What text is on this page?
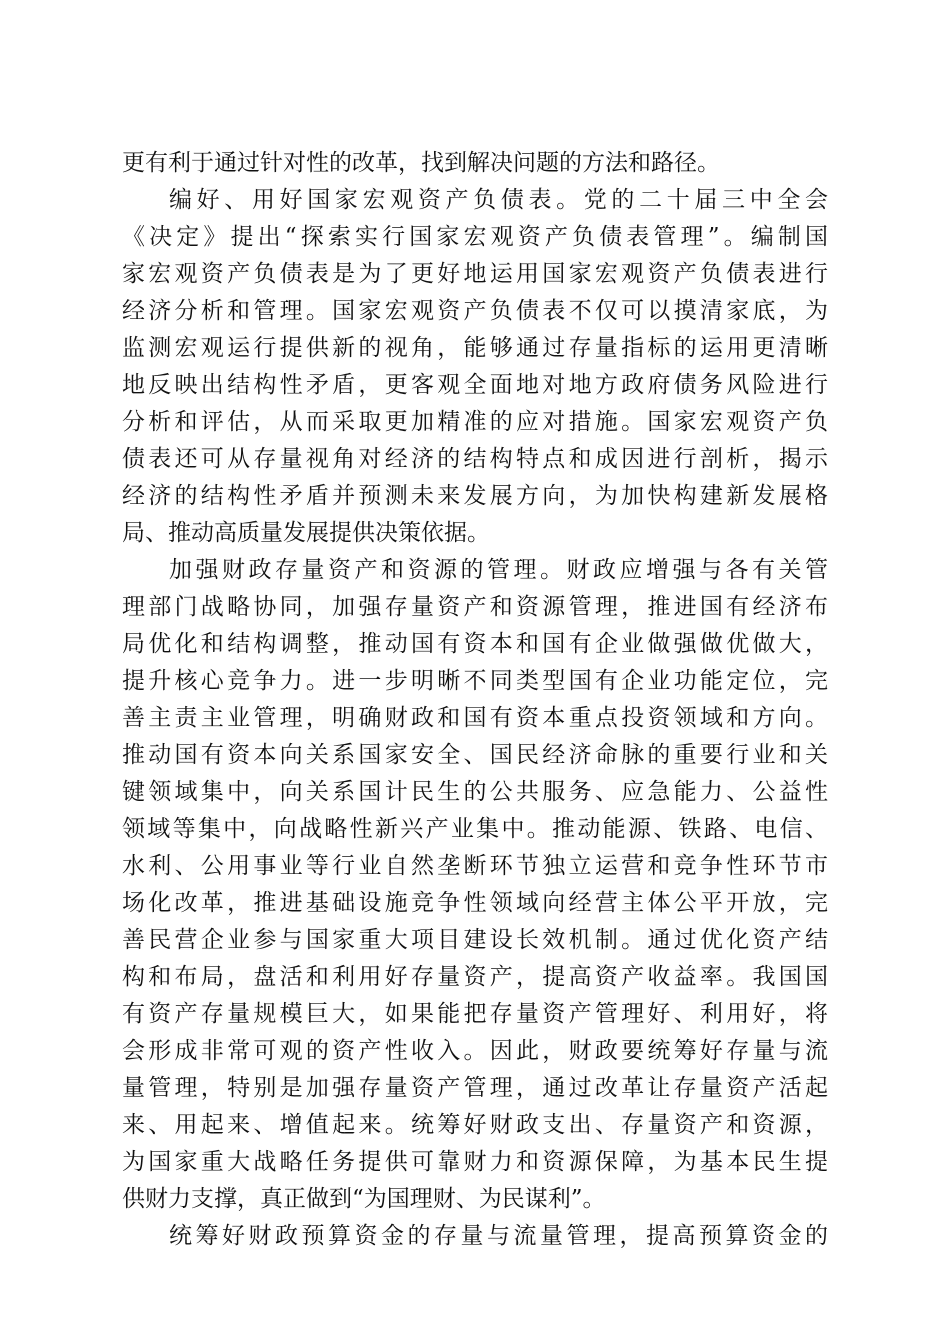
更有利于通过针对性的改革，找到解决问题的方法和路径。
编好、用好国家宏观资产负债表。党的二十届三中全会
《决定》提出“探索实行国家宏观资产负债表管理”。编制国
家宏观资产负债表是为了更好地运用国家宏观资产负债表进行
经济分析和管理。国家宏观资产负债表不仅可以摸清家底，为
监测宏观运行提供新的视角，能够通过存量指标的运用更清晰
地反映出结构性矛盾，更客观全面地对地方政府债务风险进行
分析和评估，从而采取更加精准的应对措施。国家宏观资产负
债表还可从存量视角对经济的结构特点和成因进行剖析，揭示
经济的结构性矛盾并预测未来发展方向，为加快构建新发展格
局、推动高质量发展提供决策依据。
加强财政存量资产和资源的管理。财政应增强与各有关管
理部门战略协同，加强存量资产和资源管理，推进国有经济布
局优化和结构调整，推动国有资本和国有企业做强做优做大，
提升核心竞争力。进一步明晰不同类型国有企业功能定位，完
善主责主业管理，明确财政和国有资本重点投资领域和方向。
推动国有资本向关系国家安全、国民经济命脉的重要行业和关
键领域集中，向关系国计民生的公共服务、应急能力、公益性
领域等集中，向战略性新兴产业集中。推动能源、铁路、电信、
水利、公用事业等行业自然垄断环节独立运营和竞争性环节市
场化改革，推进基础设施竞争性领域向经营主体公平开放，完
善民营企业参与国家重大项目建设长效机制。通过优化资产结
构和布局，盘活和利用好存量资产，提高资产收益率。我国国
有资产存量规模巨大，如果能把存量资产管理好、利用好，将
会形成非常可观的资产性收入。因此，财政要统筹好存量与流
量管理，特别是加强存量资产管理，通过改革让存量资产活起
来、用起来、增值起来。统筹好财政支出、存量资产和资源，
为国家重大战略任务提供可靠财力和资源保障，为基本民生提
供财力支撑，真正做到“为国理财、为民谋利”。
统筹好财政预算资金的存量与流量管理，提高预算资金的
